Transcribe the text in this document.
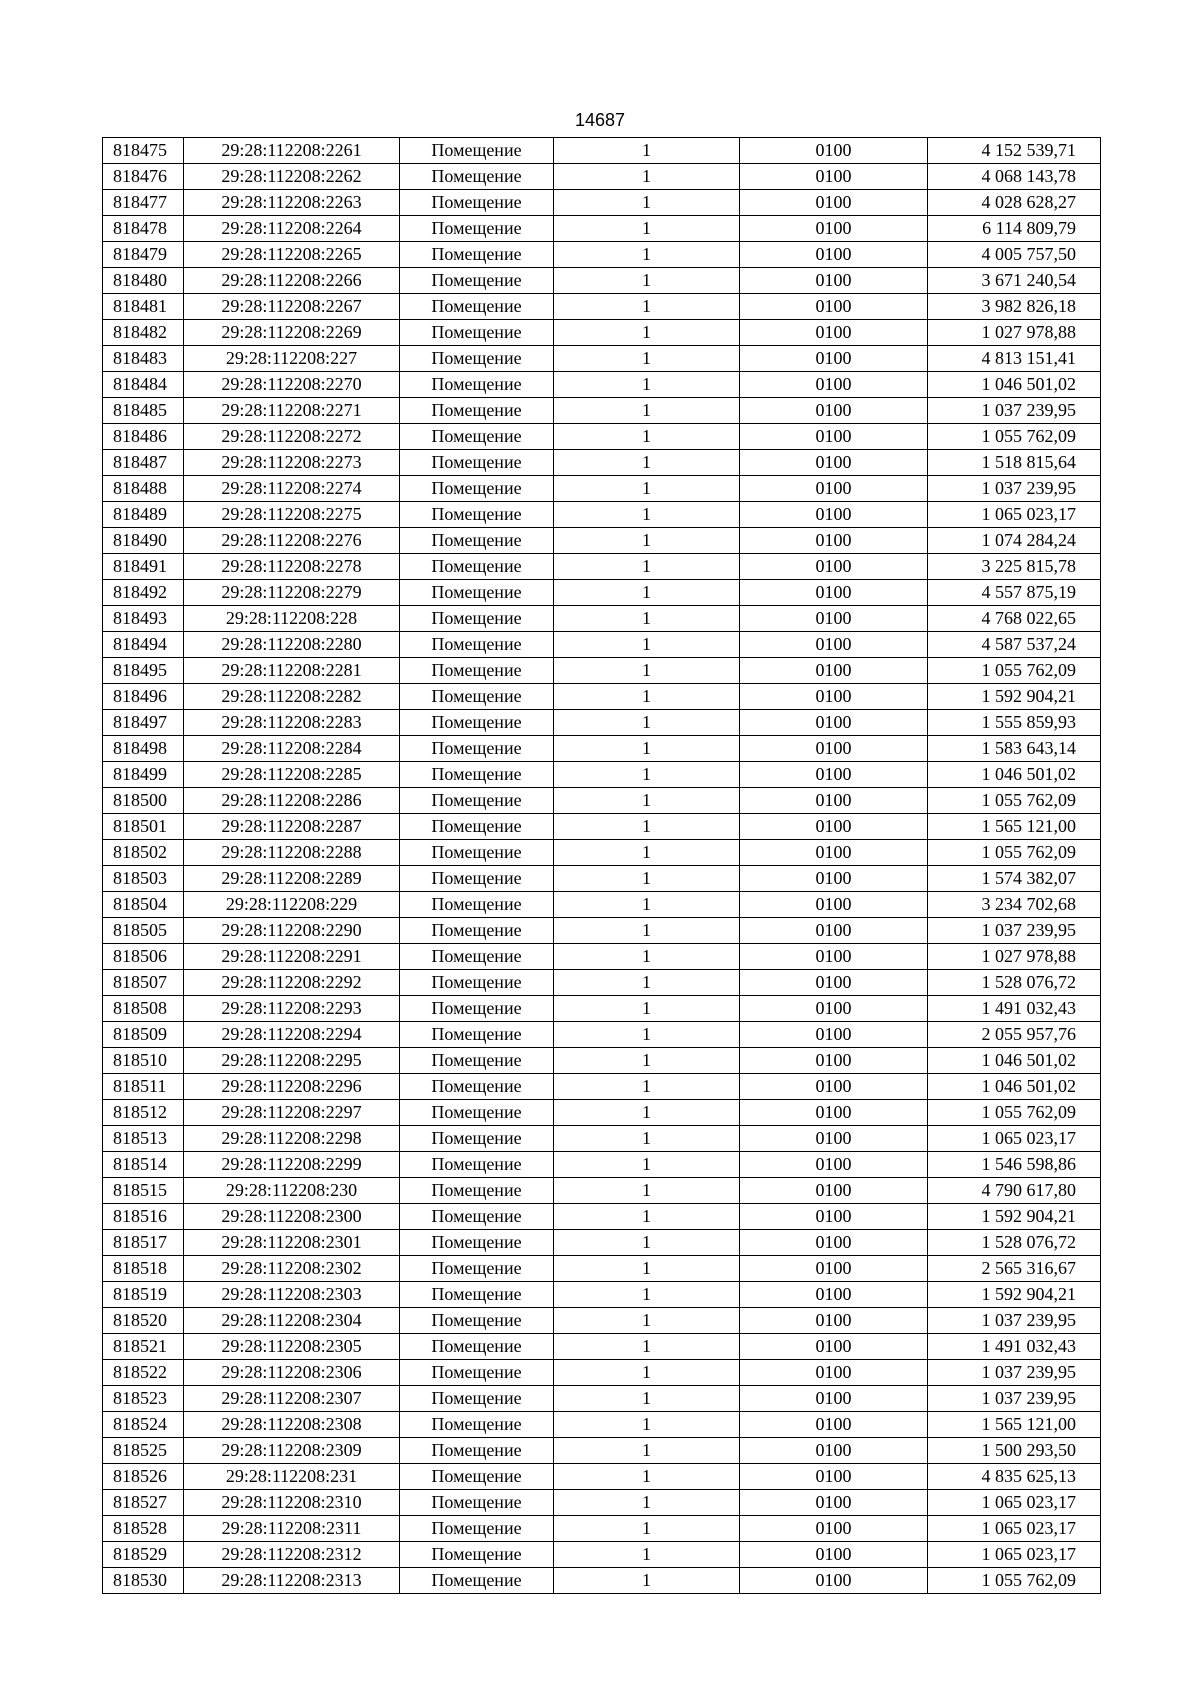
14687
818475	29:28:112208:2261	Помещение	1	0100	4 152 539,71
818476	29:28:112208:2262	Помещение	1	0100	4 068 143,78
818477	29:28:112208:2263	Помещение	1	0100	4 028 628,27
818478	29:28:112208:2264	Помещение	1	0100	6 114 809,79
818479	29:28:112208:2265	Помещение	1	0100	4 005 757,50
818480	29:28:112208:2266	Помещение	1	0100	3 671 240,54
818481	29:28:112208:2267	Помещение	1	0100	3 982 826,18
818482	29:28:112208:2269	Помещение	1	0100	1 027 978,88
818483	29:28:112208:227	Помещение	1	0100	4 813 151,41
818484	29:28:112208:2270	Помещение	1	0100	1 046 501,02
818485	29:28:112208:2271	Помещение	1	0100	1 037 239,95
818486	29:28:112208:2272	Помещение	1	0100	1 055 762,09
818487	29:28:112208:2273	Помещение	1	0100	1 518 815,64
818488	29:28:112208:2274	Помещение	1	0100	1 037 239,95
818489	29:28:112208:2275	Помещение	1	0100	1 065 023,17
818490	29:28:112208:2276	Помещение	1	0100	1 074 284,24
818491	29:28:112208:2278	Помещение	1	0100	3 225 815,78
818492	29:28:112208:2279	Помещение	1	0100	4 557 875,19
818493	29:28:112208:228	Помещение	1	0100	4 768 022,65
818494	29:28:112208:2280	Помещение	1	0100	4 587 537,24
818495	29:28:112208:2281	Помещение	1	0100	1 055 762,09
818496	29:28:112208:2282	Помещение	1	0100	1 592 904,21
818497	29:28:112208:2283	Помещение	1	0100	1 555 859,93
818498	29:28:112208:2284	Помещение	1	0100	1 583 643,14
818499	29:28:112208:2285	Помещение	1	0100	1 046 501,02
818500	29:28:112208:2286	Помещение	1	0100	1 055 762,09
818501	29:28:112208:2287	Помещение	1	0100	1 565 121,00
818502	29:28:112208:2288	Помещение	1	0100	1 055 762,09
818503	29:28:112208:2289	Помещение	1	0100	1 574 382,07
818504	29:28:112208:229	Помещение	1	0100	3 234 702,68
818505	29:28:112208:2290	Помещение	1	0100	1 037 239,95
818506	29:28:112208:2291	Помещение	1	0100	1 027 978,88
818507	29:28:112208:2292	Помещение	1	0100	1 528 076,72
818508	29:28:112208:2293	Помещение	1	0100	1 491 032,43
818509	29:28:112208:2294	Помещение	1	0100	2 055 957,76
818510	29:28:112208:2295	Помещение	1	0100	1 046 501,02
818511	29:28:112208:2296	Помещение	1	0100	1 046 501,02
818512	29:28:112208:2297	Помещение	1	0100	1 055 762,09
818513	29:28:112208:2298	Помещение	1	0100	1 065 023,17
818514	29:28:112208:2299	Помещение	1	0100	1 546 598,86
818515	29:28:112208:230	Помещение	1	0100	4 790 617,80
818516	29:28:112208:2300	Помещение	1	0100	1 592 904,21
818517	29:28:112208:2301	Помещение	1	0100	1 528 076,72
818518	29:28:112208:2302	Помещение	1	0100	2 565 316,67
818519	29:28:112208:2303	Помещение	1	0100	1 592 904,21
818520	29:28:112208:2304	Помещение	1	0100	1 037 239,95
818521	29:28:112208:2305	Помещение	1	0100	1 491 032,43
818522	29:28:112208:2306	Помещение	1	0100	1 037 239,95
818523	29:28:112208:2307	Помещение	1	0100	1 037 239,95
818524	29:28:112208:2308	Помещение	1	0100	1 565 121,00
818525	29:28:112208:2309	Помещение	1	0100	1 500 293,50
818526	29:28:112208:231	Помещение	1	0100	4 835 625,13
818527	29:28:112208:2310	Помещение	1	0100	1 065 023,17
818528	29:28:112208:2311	Помещение	1	0100	1 065 023,17
818529	29:28:112208:2312	Помещение	1	0100	1 065 023,17
818530	29:28:112208:2313	Помещение	1	0100	1 055 762,09
